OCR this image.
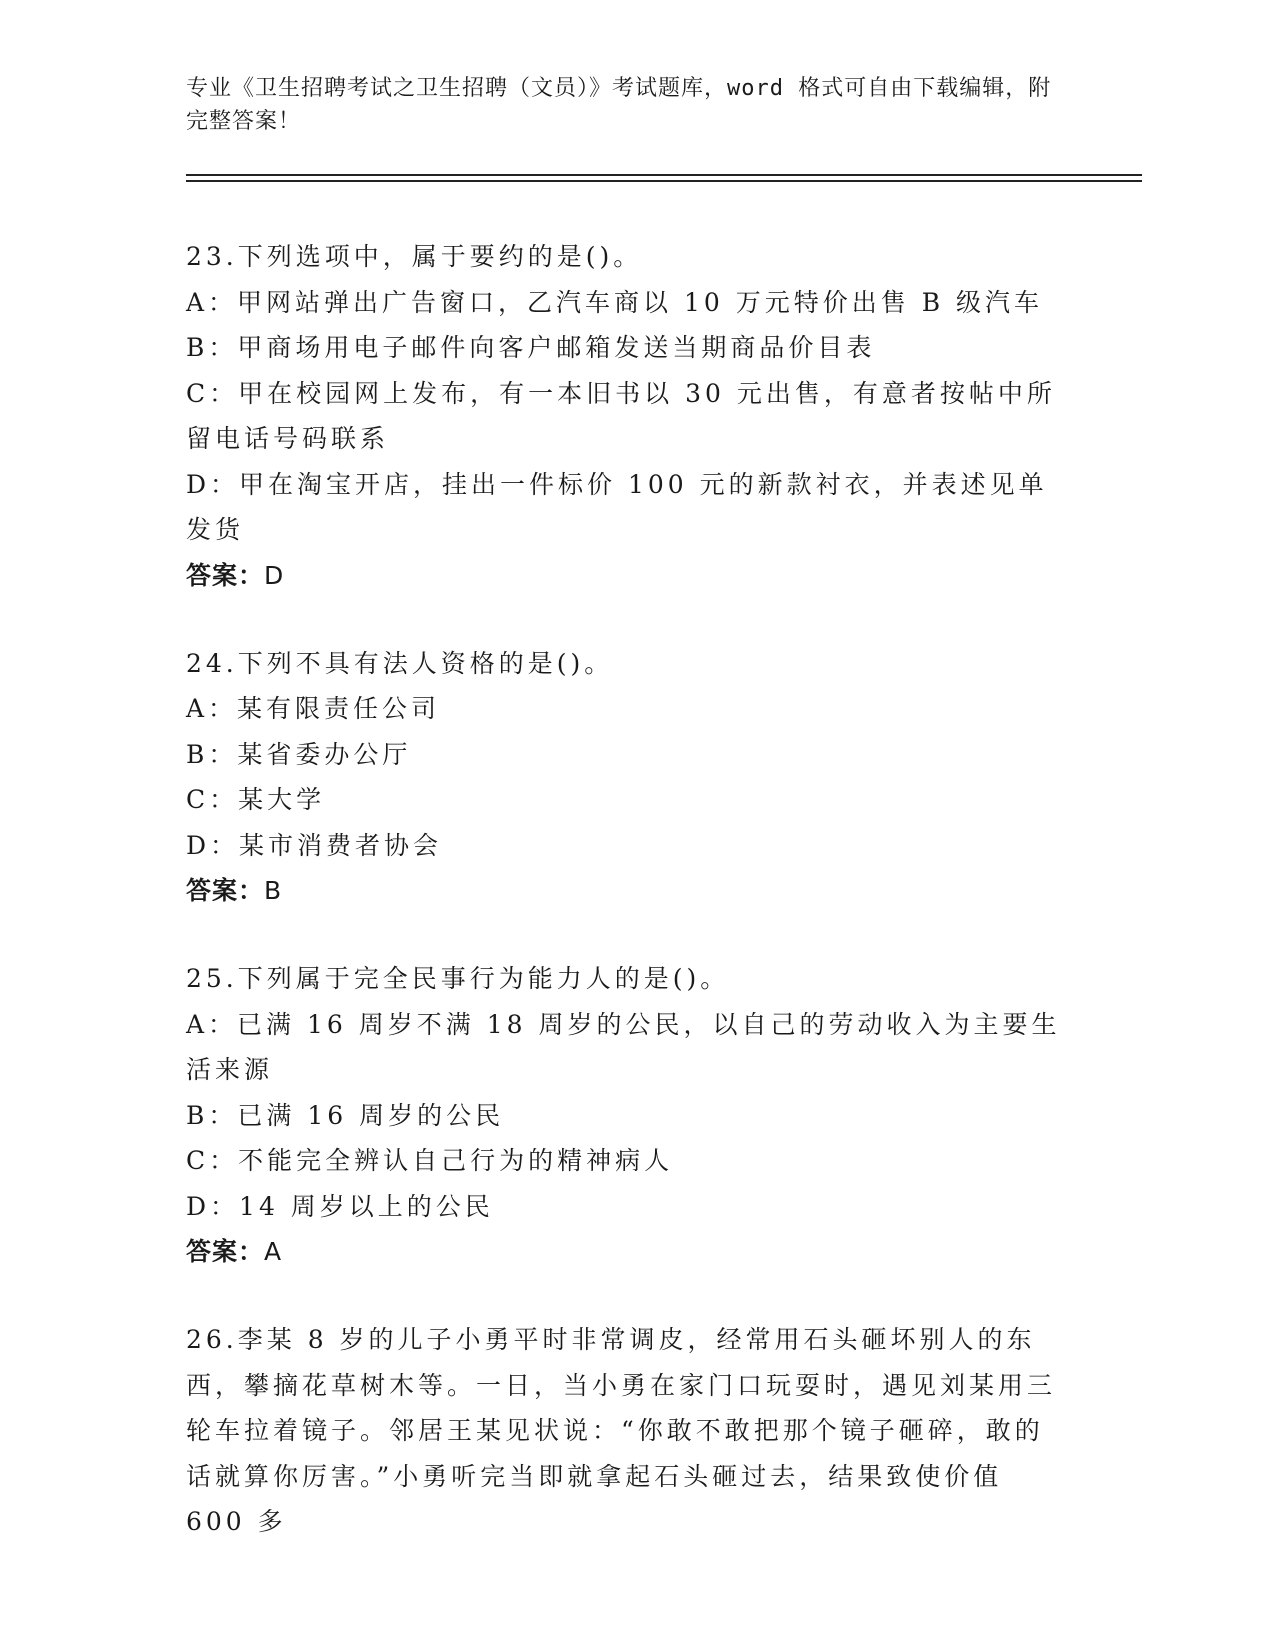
专业《卫生招聘考试之卫生招聘（文员）》考试题库，word 格式可自由下载编辑，附完整答案！
23.下列选项中，属于要约的是()。
A：甲网站弹出广告窗口，乙汽车商以 10 万元特价出售 B 级汽车
B：甲商场用电子邮件向客户邮箱发送当期商品价目表
C：甲在校园网上发布，有一本旧书以 30 元出售，有意者按帖中所留电话号码联系
D：甲在淘宝开店，挂出一件标价 100 元的新款衬衣，并表述见单发货
答案：D
24.下列不具有法人资格的是()。
A：某有限责任公司
B：某省委办公厅
C：某大学
D：某市消费者协会
答案：B
25.下列属于完全民事行为能力人的是()。
A：已满 16 周岁不满 18 周岁的公民，以自己的劳动收入为主要生活来源
B：已满 16 周岁的公民
C：不能完全辨认自己行为的精神病人
D：14 周岁以上的公民
答案：A
26.李某 8 岁的儿子小勇平时非常调皮，经常用石头砸坏别人的东西，攀摘花草树木等。一日，当小勇在家门口玩耍时，遇见刘某用三轮车拉着镜子。邻居王某见状说：“你敢不敢把那个镜子砸碎，敢的话就算你厉害。”小勇听完当即就拿起石头砸过去，结果致使价值 600 多
